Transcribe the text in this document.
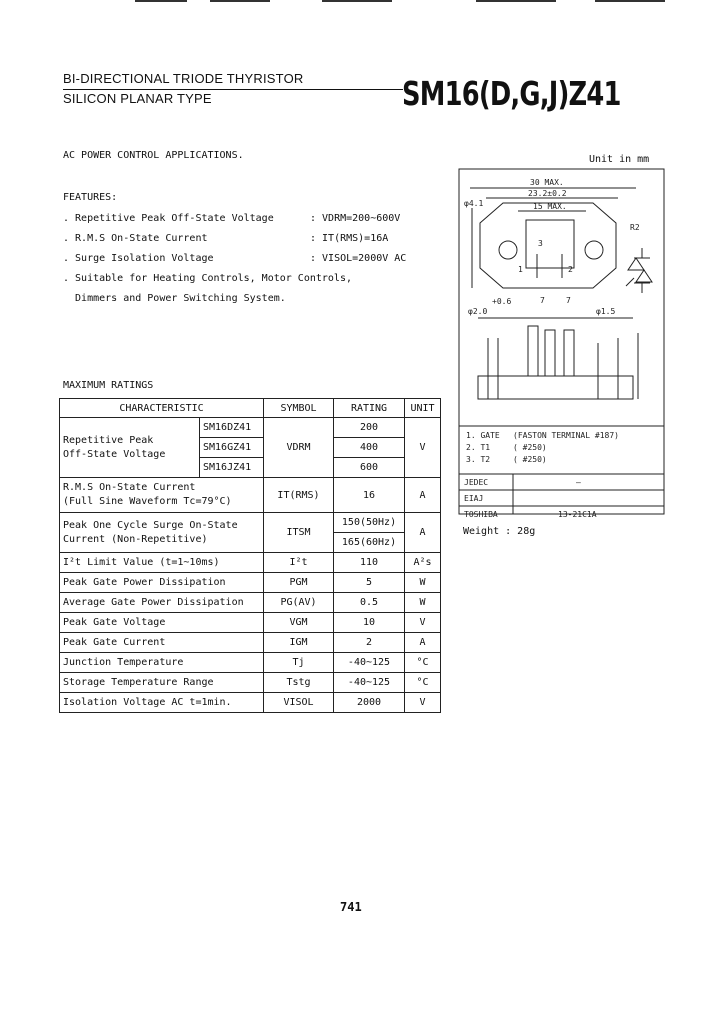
BI-DIRECTIONAL TRIODE THYRISTOR
SILICON PLANAR TYPE	SM16(D,G,J)Z41
AC POWER CONTROL APPLICATIONS.	Unit in mm
FEATURES:
. Repetitive Peak Off-State Voltage	: VDRM=200~600V
. R.M.S On-State Current	: IT(RMS)=16A
. Surge Isolation Voltage	: VISOL=2000V AC
. Suitable for Heating Controls, Motor Controls,
Dimmers and Power Switching System.
MAXIMUM RATINGS
CHARACTERISTIC		SYMBOL	RATING	UNIT
Repetitive Peak
Off-State Voltage	SM16DZ41	VDRM	200	V
	SM16GZ41		400	
	SM16JZ41		600	
R.M.S On-State Current
(Full Sine Waveform Tc=79°C)		IT(RMS)	16	A
Peak One Cycle Surge On-State
Current (Non-Repetitive)		ITSM	150(50Hz)	A
			165(60Hz)	
I²t Limit Value (t=1~10ms)		I²t	110	A²s
Peak Gate Power Dissipation		PGM	5	W
Average Gate Power Dissipation		PG(AV)	0.5	W
Peak Gate Voltage		VGM	10	V
Peak Gate Current		IGM	2	A
Junction Temperature		Tj	-40~125	°C
Storage Temperature Range		Tstg	-40~125	°C
Isolation Voltage AC t=1min.		VISOL	2000	V
30 MAX.
23.2±0.2
φ4.1	15 MAX.
R2
7	7
φ2.0
+0.6
φ1.5
1	2
3
1. GATE (FASTON TERMINAL #187)
2. T1	( #250)
3. T2	( #250)
JEDEC	—
EIAJ
TOSHIBA	13-21C1A
Weight : 28g
741
